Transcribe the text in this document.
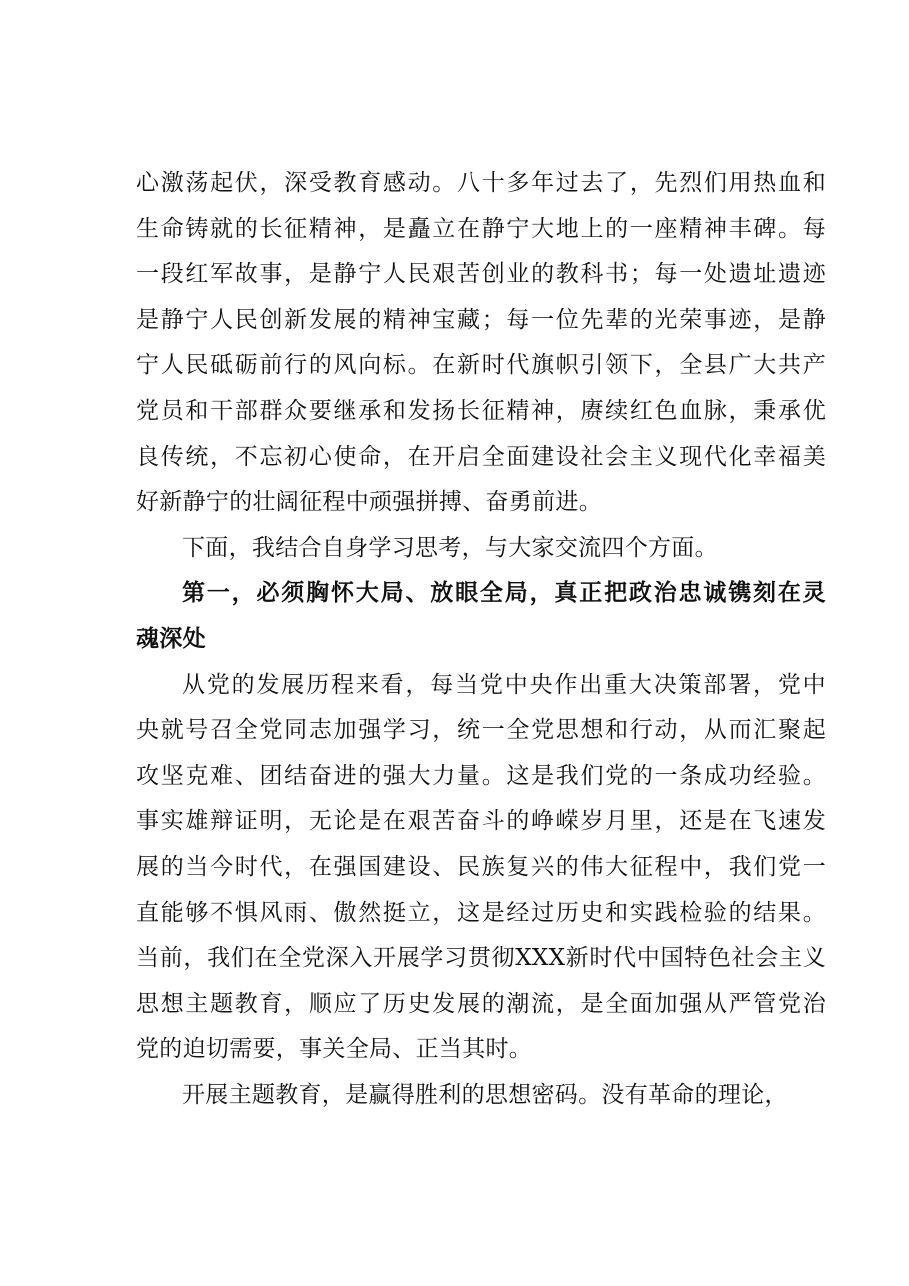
心激荡起伏，深受教育感动。八十多年过去了，先烈们用热血和
生命铸就的长征精神，是矗立在静宁大地上的一座精神丰碑。每
一段红军故事，是静宁人民艰苦创业的教科书；每一处遗址遗迹
是静宁人民创新发展的精神宝藏；每一位先辈的光荣事迹，是静
宁人民砥砺前行的风向标。在新时代旗帜引领下，全县广大共产
党员和干部群众要继承和发扬长征精神，赓续红色血脉，秉承优
良传统，不忘初心使命，在开启全面建设社会主义现代化幸福美
好新静宁的壮阔征程中顽强拼搏、奋勇前进。
下面，我结合自身学习思考，与大家交流四个方面。
第一，必须胸怀大局、放眼全局，真正把政治忠诚镌刻在灵
魂深处
从党的发展历程来看，每当党中央作出重大决策部署，党中
央就号召全党同志加强学习，统一全党思想和行动，从而汇聚起
攻坚克难、团结奋进的强大力量。这是我们党的一条成功经验。
事实雄辩证明，无论是在艰苦奋斗的峥嵘岁月里，还是在飞速发
展的当今时代，在强国建设、民族复兴的伟大征程中，我们党一
直能够不惧风雨、傲然挺立，这是经过历史和实践检验的结果。
当前，我们在全党深入开展学习贯彻XXX新时代中国特色社会主义
思想主题教育，顺应了历史发展的潮流，是全面加强从严管党治
党的迫切需要，事关全局、正当其时。
开展主题教育，是赢得胜利的思想密码。没有革命的理论，
